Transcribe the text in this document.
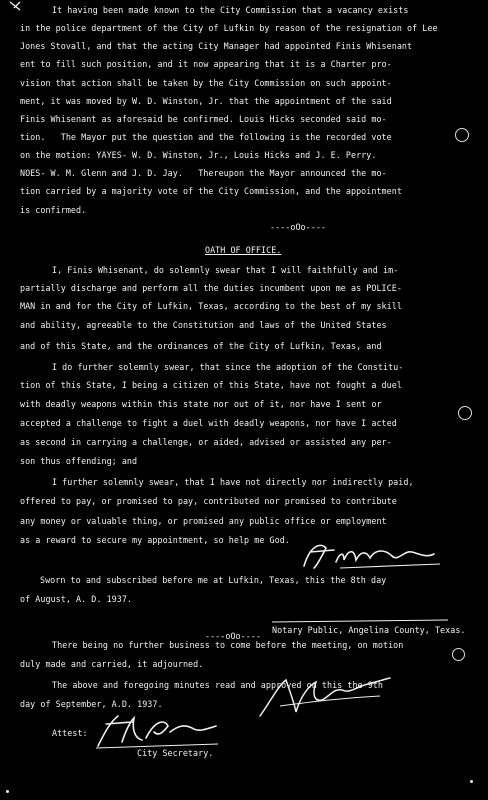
It having been made known to the City Commission that a vacancy exists
in the police department of the City of Lufkin by reason of the resignation of Lee
Jones Stovall, and that the acting City Manager had appointed Finis Whisenant
ent to fill such position, and it now appearing that it is a Charter pro-
vision that action shall be taken by the City Commission on such appoint-
ment, it was moved by W. D. Winston, Jr. that the appointment of the said
Finis Whisenant as aforesaid be confirmed. Louis Hicks seconded said mo-
tion.   The Mayor put the question and the following is the recorded vote
on the motion: YAYES- W. D. Winston, Jr., Louis Hicks and J. E. Perry.
NOES- W. M. Glenn and J. D. Jay.   Thereupon the Mayor announced the mo-
tion carried by a majority vote of the City Commission, and the appointment
is confirmed.
----oOo----
OATH OF OFFICE.
I, Finis Whisenant, do solemnly swear that I will faithfully and im-
partially discharge and perform all the duties incumbent upon me as POLICE-
MAN in and for the City of Lufkin, Texas, according to the best of my skill
and ability, agreeable to the Constitution and laws of the United States
and of this State, and the ordinances of the City of Lufkin, Texas, and
I do further solemnly swear, that since the adoption of the Constitu-
tion of this State, I being a citizen of this State, have not fought a duel
with deadly weapons within this state nor out of it, nor have I sent or
accepted a challenge to fight a duel with deadly weapons, nor have I acted
as second in carrying a challenge, or aided, advised or assisted any per-
son thus offending; and
I further solemnly swear, that I have not directly nor indirectly paid,
offered to pay, or promised to pay, contributed nor promised to contribute
any money or valuable thing, or promised any public office or employment
as a reward to secure my appointment, so help me God.
Sworn to and subscribed before me at Lufkin, Texas, this the 8th day
of August, A. D. 1937.
Notary Public, Angelina County, Texas.
----oOo----
There being no further business to come before the meeting, on motion
duly made and carried, it adjourned.
The above and foregoing minutes read and approved on this the 9th
day of September, A.D. 1937.
Attest:
City Secretary.
